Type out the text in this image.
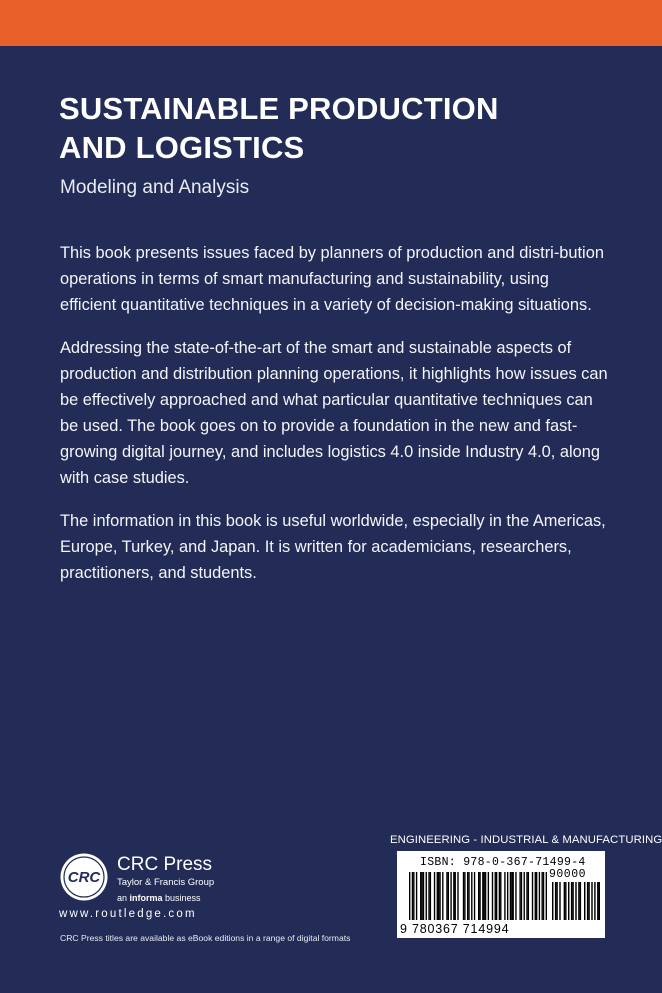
SUSTAINABLE PRODUCTION
AND LOGISTICS
Modeling and Analysis

This book presents issues faced by planners of production and distri-bution operations in terms of smart manufacturing and sustainability, using efficient quantitative techniques in a variety of decision-making situations.

Addressing the state-of-the-art of the smart and sustainable aspects of production and distribution planning operations, it highlights how issues can be effectively approached and what particular quantitative techniques can be used. The book goes on to provide a foundation in the new and fast-growing digital journey, and includes logistics 4.0 inside Industry 4.0, along with case studies.

The information in this book is useful worldwide, especially in the Americas, Europe, Turkey, and Japan. It is written for academicians, researchers, practitioners, and students.

ENGINEERING - INDUSTRIAL & MANUFACTURING
ISBN: 978-0-367-71499-4
90000
9 780367 714994
CRC
CRC Press
Taylor & Francis Group
an informa business
www.routledge.com
CRC Press titles are available as eBook editions in a range of digital formats
